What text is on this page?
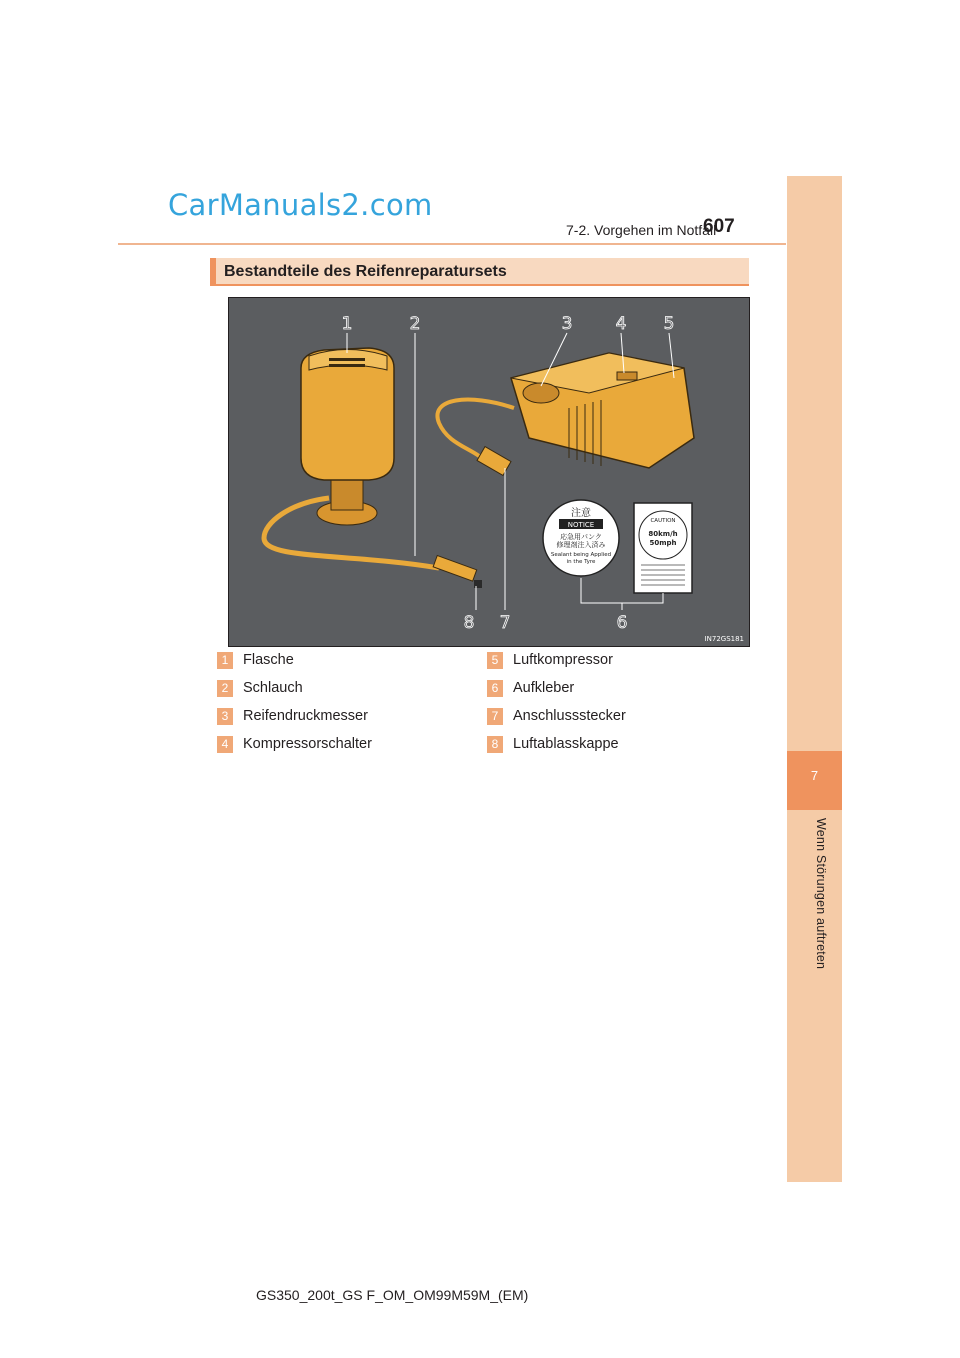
CarManuals2.com
7-2. Vorgehen im Notfall
607
7
Wenn Störungen auftreten
Bestandteile des Reifenreparatursets
注意
NOTICE
応急用パンク
修理剤注入済み
Sealant being Applied
in the Tyre
CAUTION
80km/h
50mph
1	2	3	4 5
6
7
8
IN72GS181
1	Flasche
2	Schlauch
3	Reifendruckmesser
4	Kompressorschalter
5	Luftkompressor
6	Aufkleber
7	Anschlussstecker
8	Luftablasskappe
GS350_200t_GS F_OM_OM99M59M_(EM)
